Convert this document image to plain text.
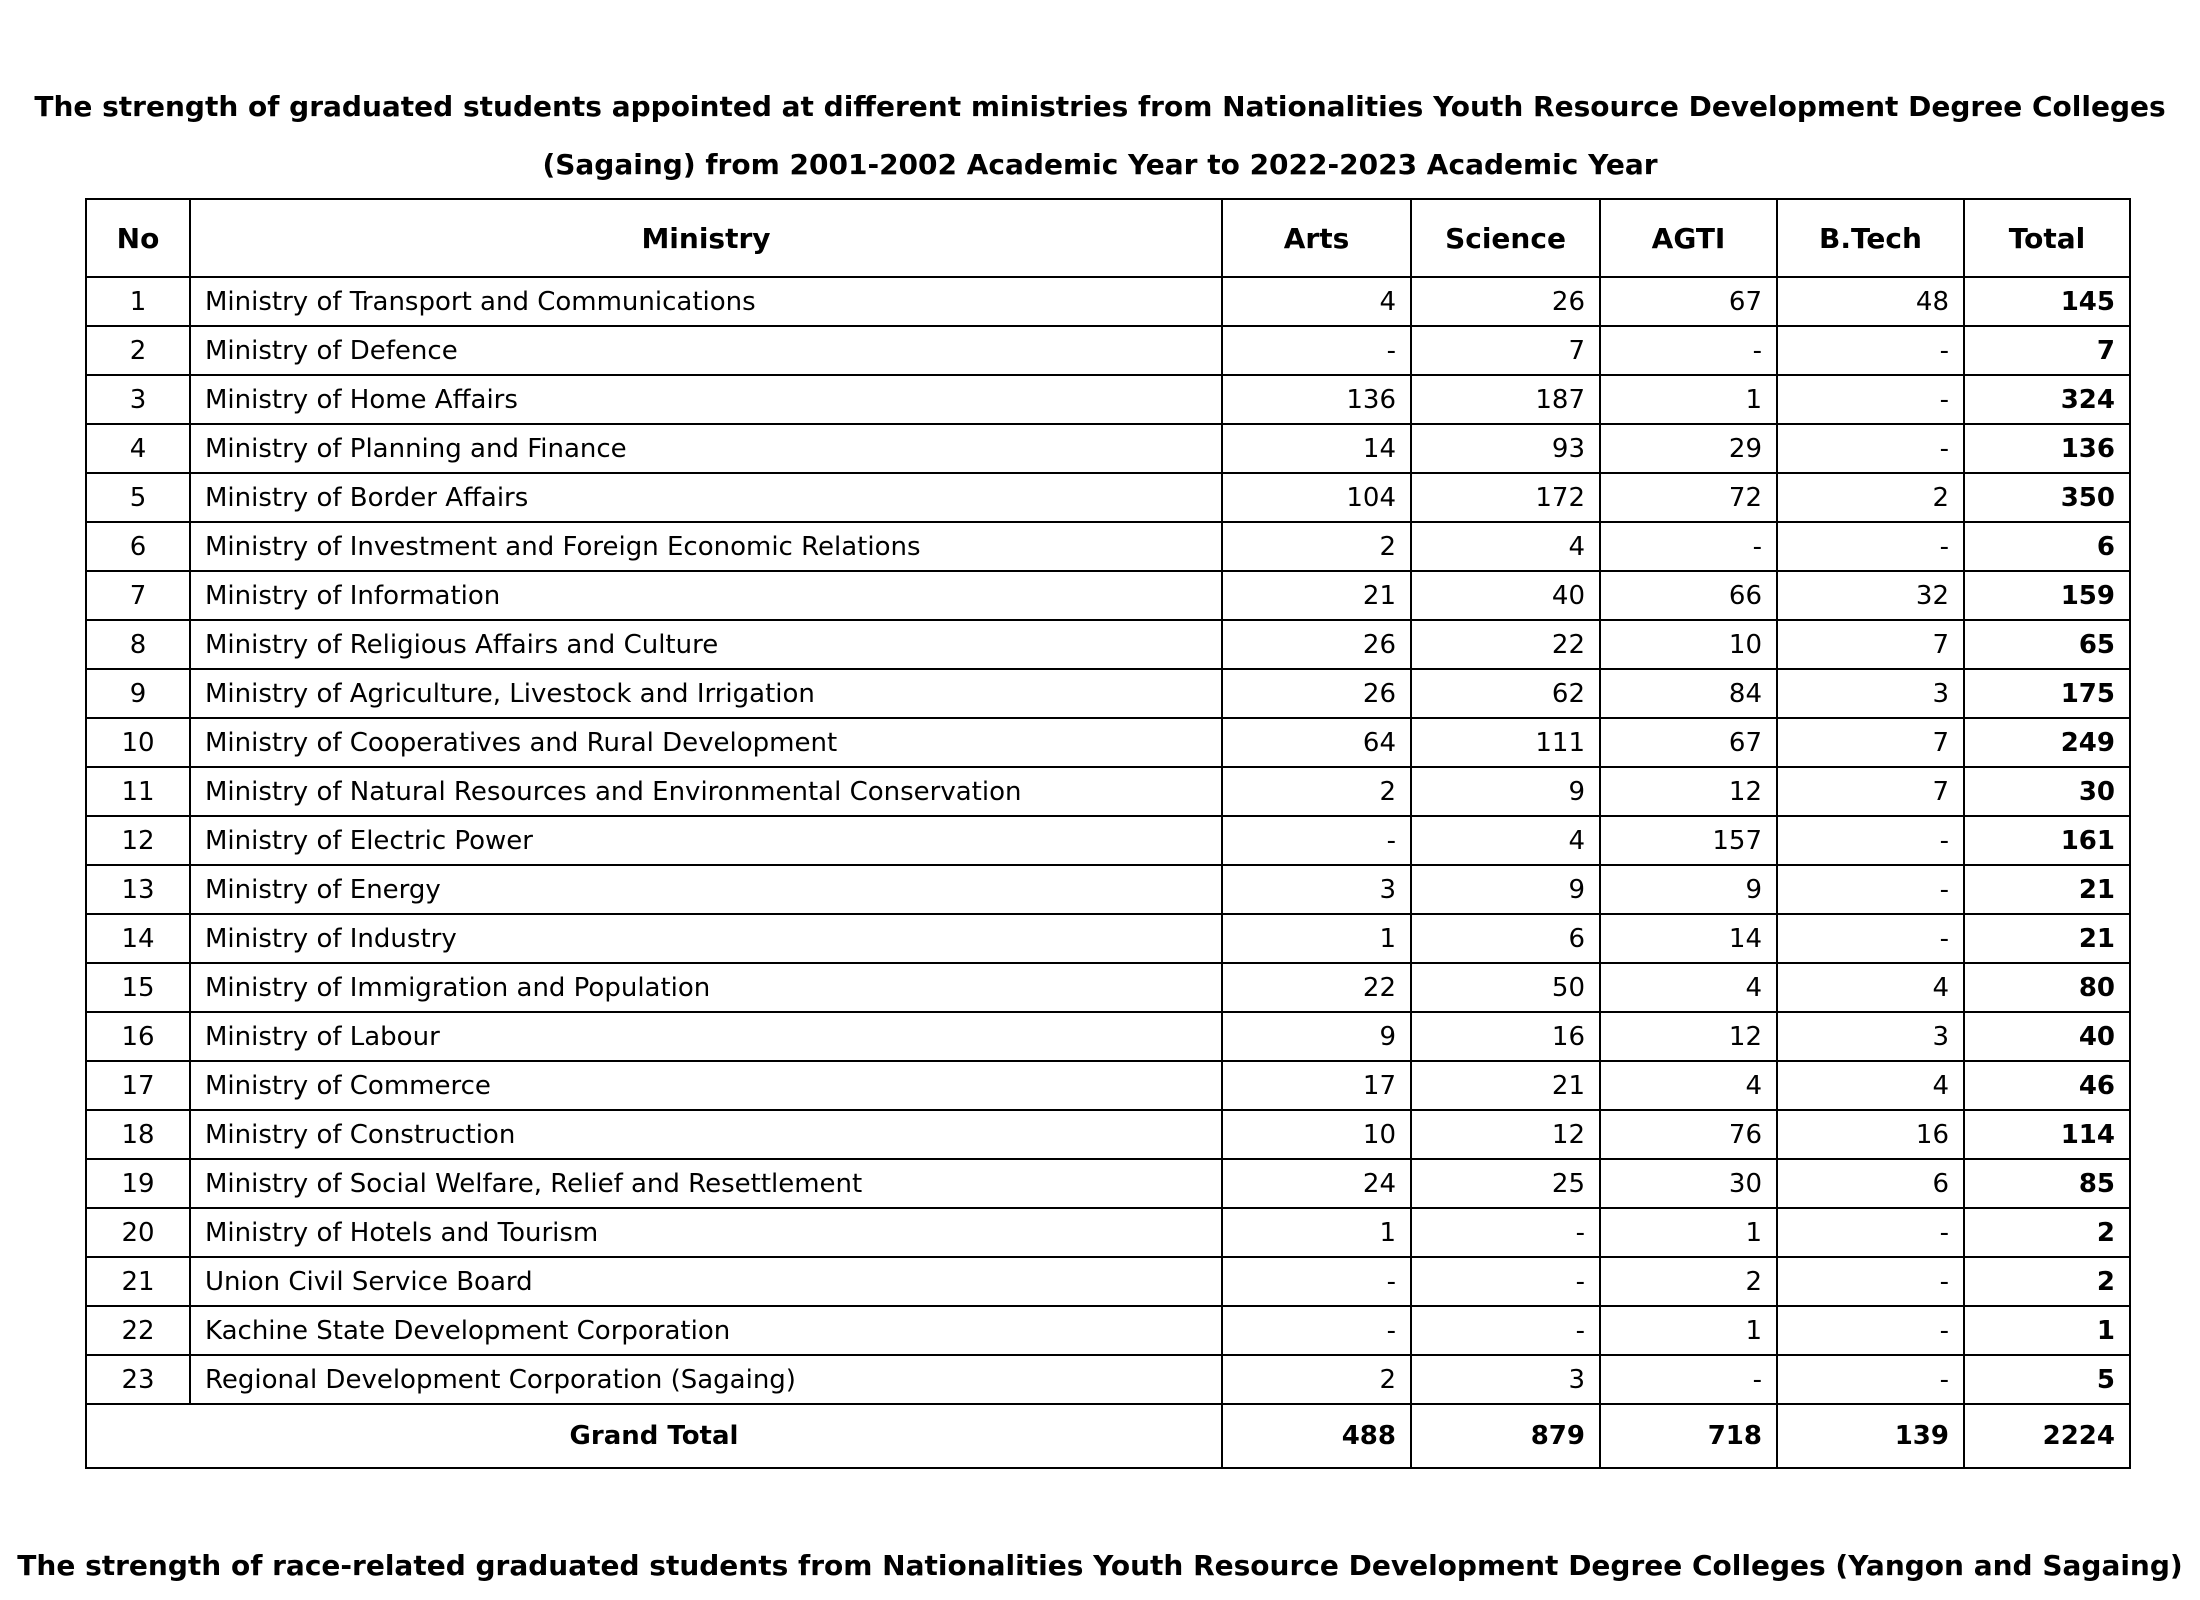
The strength of graduated students appointed at different ministries from Nationalities Youth Resource Development Degree Colleges
(Sagaing) from 2001-2002 Academic Year to 2022-2023 Academic Year
No	Ministry	Arts	Science	AGTI	B.Tech	Total
1	Ministry of Transport and Communications	4	26	67	48	145
2	Ministry of Defence	-	7	-	-	7
3	Ministry of Home Affairs	136	187	1	-	324
4	Ministry of Planning and Finance	14	93	29	-	136
5	Ministry of Border Affairs	104	172	72	2	350
6	Ministry of Investment and Foreign Economic Relations	2	4	-	-	6
7	Ministry of Information	21	40	66	32	159
8	Ministry of Religious Affairs and Culture	26	22	10	7	65
9	Ministry of Agriculture, Livestock and Irrigation	26	62	84	3	175
10	Ministry of Cooperatives and Rural Development	64	111	67	7	249
11	Ministry of Natural Resources and Environmental Conservation	2	9	12	7	30
12	Ministry of Electric Power	-	4	157	-	161
13	Ministry of Energy	3	9	9	-	21
14	Ministry of Industry	1	6	14	-	21
15	Ministry of Immigration and Population	22	50	4	4	80
16	Ministry of Labour	9	16	12	3	40
17	Ministry of Commerce	17	21	4	4	46
18	Ministry of Construction	10	12	76	16	114
19	Ministry of Social Welfare, Relief and Resettlement	24	25	30	6	85
20	Ministry of Hotels and Tourism	1	-	1	-	2
21	Union Civil Service Board	-	-	2	-	2
22	Kachine State Development Corporation	-	-	1	-	1
23	Regional Development Corporation (Sagaing)	2	3	-	-	5
Grand Total		488	879	718	139	2224
The strength of race-related graduated students from Nationalities Youth Resource Development Degree Colleges (Yangon and Sagaing)
